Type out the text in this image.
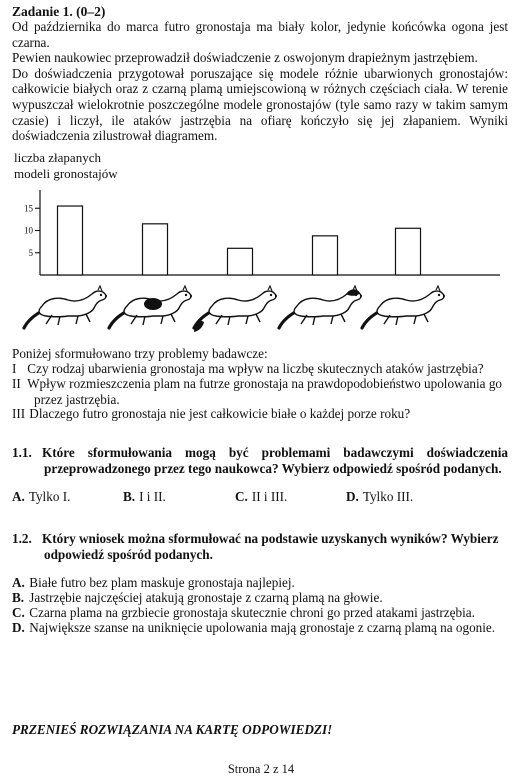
Zadanie 1. (0–2)
Od października do marca futro gronostaja ma biały kolor, jedynie końcówka ogona jest czarna.
Pewien naukowiec przeprowadził doświadczenie z oswojonym drapieżnym jastrzębiem.
Do doświadczenia przygotował poruszające się modele różnie ubarwionych gronostajów: całkowicie białych oraz z czarną plamą umiejscowioną w różnych częściach ciała. W terenie wypuszczał wielokrotnie poszczególne modele gronostajów (tyle samo razy w takim samym czasie) i liczył, ile ataków jastrzębia na ofiarę kończyło się jej złapaniem. Wyniki doświadczenia zilustrował diagramem.
liczba złapanych
modeli gronostajów
5
10
15
Poniżej sformułowano trzy problemy badawcze:
I Czy rodzaj ubarwienia gronostaja ma wpływ na liczbę skutecznych ataków jastrzębia?
II Wpływ rozmieszczenia plam na futrze gronostaja na prawdopodobieństwo upolowania go
przez jastrzębia.
III Dlaczego futro gronostaja nie jest całkowicie białe o każdej porze roku?
1.1. Które sformułowania mogą być problemami badawczymi doświadczenia
przeprowadzonego przez tego naukowca? Wybierz odpowiedź spośród podanych.
A. Tylko I.	B. I i II.	C. II i III.	D. Tylko III.
1.2. Który wniosek można sformułować na podstawie uzyskanych wyników? Wybierz
odpowiedź spośród podanych.
A. Białe futro bez plam maskuje gronostaja najlepiej.
B. Jastrzębie najczęściej atakują gronostaje z czarną plamą na głowie.
C. Czarna plama na grzbiecie gronostaja skutecznie chroni go przed atakami jastrzębia.
D. Największe szanse na uniknięcie upolowania mają gronostaje z czarną plamą na ogonie.
PRZENIEŚ ROZWIĄZANIA NA KARTĘ ODPOWIEDZI!
Strona 2 z 14
